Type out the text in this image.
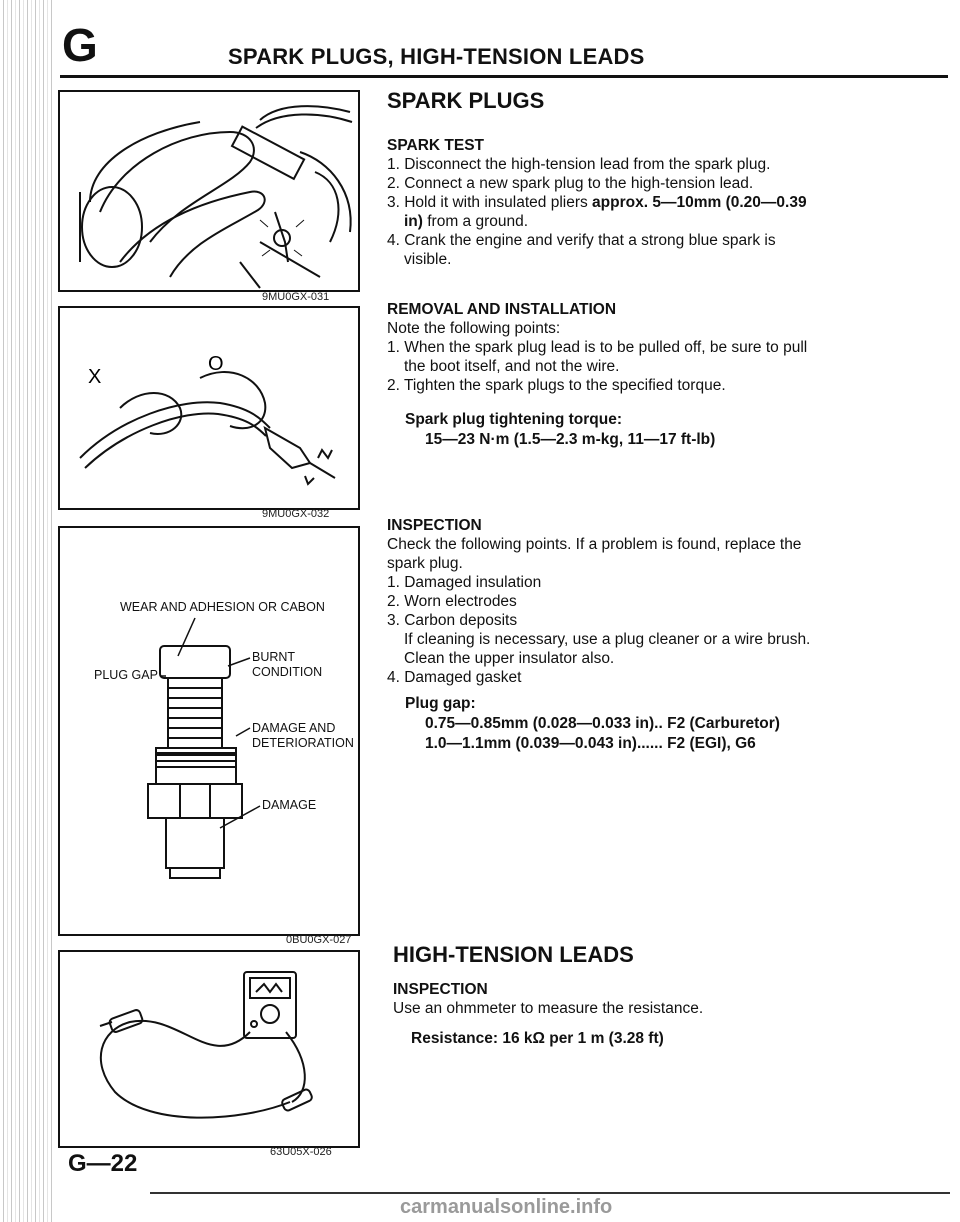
G	SPARK PLUGS, HIGH-TENSION LEADS
9MU0GX-031
O
X
9MU0GX-032
WEAR AND ADHESION OR CABON
BURNT
CONDITION
PLUG GAP
DAMAGE AND
DETERIORATION
DAMAGE
0BU0GX-027
63U05X-026
SPARK PLUGS

SPARK TEST

1. Disconnect the high-tension lead from the spark plug.

2. Connect a new spark plug to the high-tension lead.

3. Hold it with insulated pliers approx. 5—10mm (0.20—0.39

in) from a ground.

4. Crank the engine and verify that a strong blue spark is

visible.

REMOVAL AND INSTALLATION

Note the following points:

1. When the spark plug lead is to be pulled off, be sure to pull

the boot itself, and not the wire.

2. Tighten the spark plugs to the specified torque.

Spark plug tightening torque:
15—23 N·m (1.5—2.3 m-kg, 11—17 ft-lb)

INSPECTION

Check the following points. If a problem is found, replace the

spark plug.

1. Damaged insulation

2. Worn electrodes

3. Carbon deposits

If cleaning is necessary, use a plug cleaner or a wire brush.

Clean the upper insulator also.

4. Damaged gasket

Plug gap:
0.75—0.85mm (0.028—0.033 in).. F2 (Carburetor)
1.0—1.1mm (0.039—0.043 in)...... F2 (EGI), G6
HIGH-TENSION LEADS

INSPECTION

Use an ohmmeter to measure the resistance.

Resistance: 16 kΩ per 1 m (3.28 ft)
G—22
carmanualsonline.info
